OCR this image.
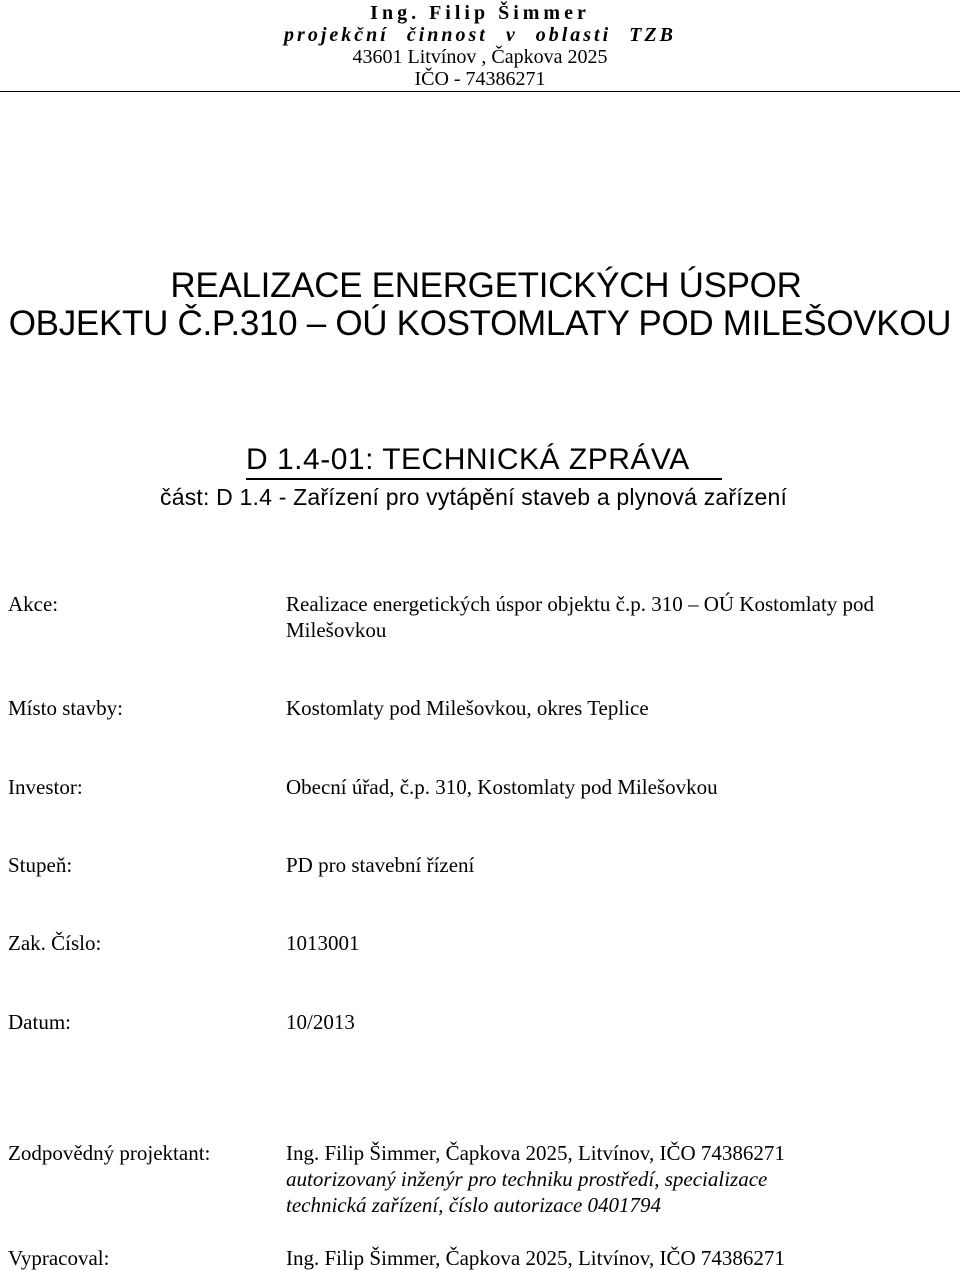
Ing. Filip Šimmer
projekční činnost v oblasti TZB
43601 Litvínov , Čapkova 2025
IČO - 74386271
REALIZACE ENERGETICKÝCH ÚSPOR
OBJEKTU Č.P.310 – OÚ KOSTOMLATY POD MILEŠOVKOU
D 1.4-01: TECHNICKÁ ZPRÁVA
část: D 1.4 - Zařízení pro vytápění staveb a plynová zařízení
Akce:	Realizace energetických úspor objektu č.p. 310 – OÚ Kostomlaty pod
Milešovkou
Místo stavby:	Kostomlaty pod Milešovkou, okres Teplice
Investor:	Obecní úřad, č.p. 310, Kostomlaty pod Milešovkou
Stupeň:	PD pro stavební řízení
Zak. Číslo:	1013001
Datum:	10/2013
Zodpovědný projektant:	Ing. Filip Šimmer, Čapkova 2025, Litvínov, IČO 74386271
autorizovaný inženýr pro techniku prostředí, specializace
technická zařízení, číslo autorizace 0401794
Vypracoval:	Ing. Filip Šimmer, Čapkova 2025, Litvínov, IČO 74386271
